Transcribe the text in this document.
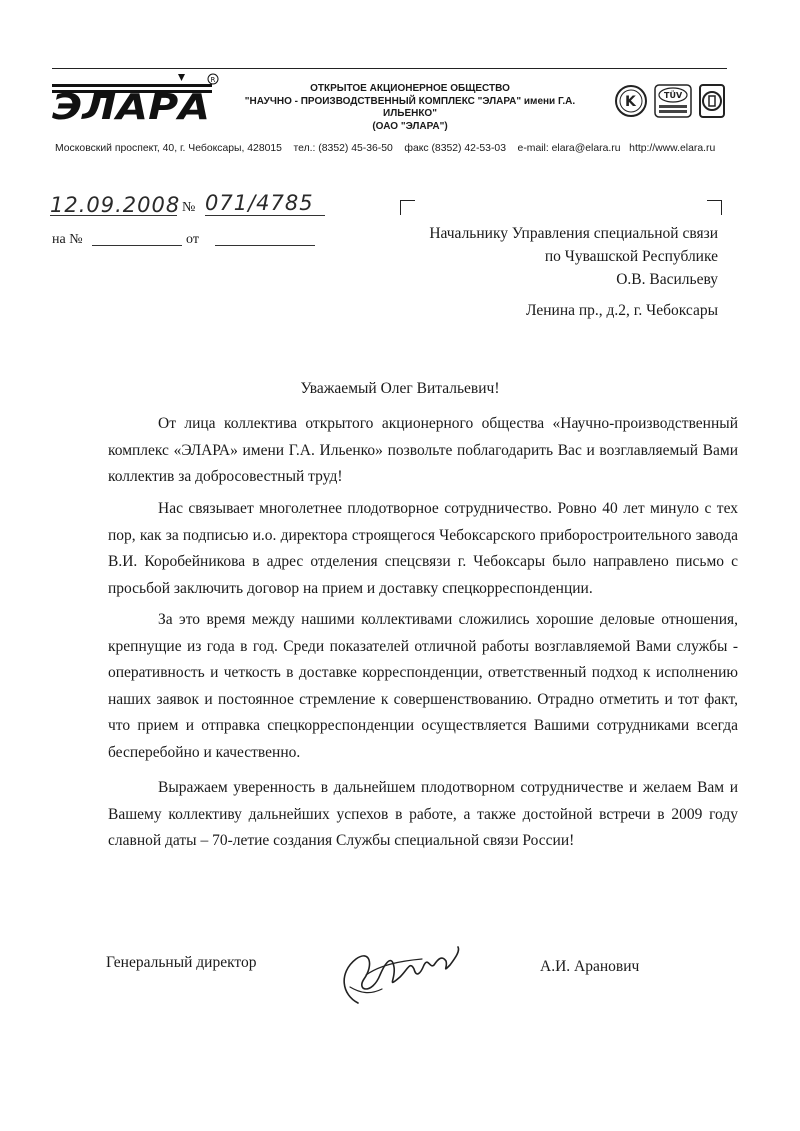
ЭЛАРА
R
ОТКРЫТОЕ АКЦИОНЕРНОЕ ОБЩЕСТВО
"НАУЧНО - ПРОИЗВОДСТВЕННЫЙ КОМПЛЕКС "ЭЛАРА" имени Г.А. ИЛЬЕНКО"
(ОАО "ЭЛАРА")
K	TÜV
Московский проспект, 40, г. Чебоксары, 428015 тел.: (8352) 45-36-50 факс (8352) 42-53-03 e-mail: elara@elara.ru http://www.elara.ru
12.09.2008 № 071/4785
на №	от	Начальнику Управления специальной связи
по Чувашской Республике
О.В. Васильеву
Ленина пр., д.2, г. Чебоксары
Уважаемый Олег Витальевич!
От лица коллектива открытого акционерного общества «Научно-производственный комплекс «ЭЛАРА» имени Г.А. Ильенко» позвольте поблагодарить Вас и возглавляемый Вами коллектив за добросовестный труд!
Нас связывает многолетнее плодотворное сотрудничество. Ровно 40 лет минуло с тех пор, как за подписью и.о. директора строящегося Чебоксарского приборостроительного завода В.И. Коробейникова в адрес отделения спецсвязи г. Чебоксары было направлено письмо с просьбой заключить договор на прием и доставку спецкорреспонденции.
За это время между нашими коллективами сложились хорошие деловые отношения, крепнущие из года в год. Среди показателей отличной работы возглавляемой Вами службы - оперативность и четкость в доставке корреспонденции, ответственный подход к исполнению наших заявок и постоянное стремление к совершенствованию. Отрадно отметить и тот факт, что прием и отправка спецкорреспонденции осуществляется Вашими сотрудниками всегда бесперебойно и качественно.
Выражаем уверенность в дальнейшем плодотворном сотрудничестве и желаем Вам и Вашему коллективу дальнейших успехов в работе, а также достойной встречи в 2009 году славной даты – 70-летие создания Службы специальной связи России!
Генеральный директор	А.И. Аранович
